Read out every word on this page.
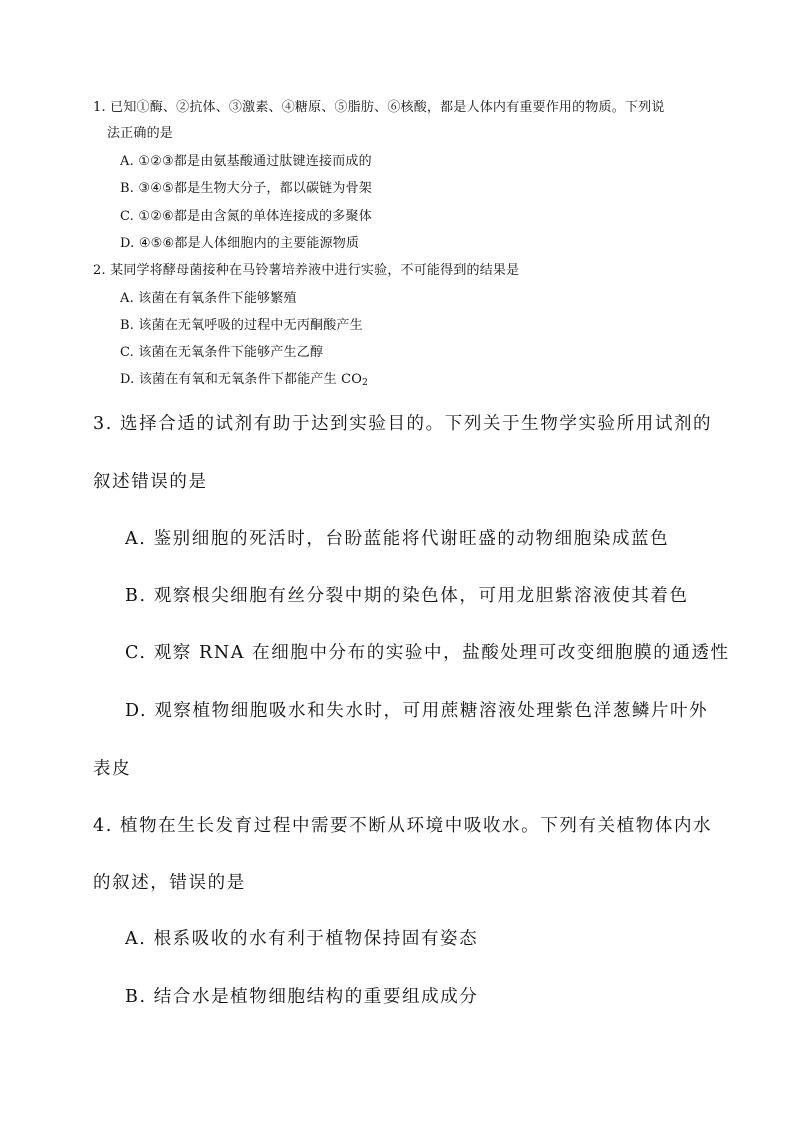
1. 已知①酶、②抗体、③激素、④糖原、⑤脂肪、⑥核酸，都是人体内有重要作用的物质。下列说
法正确的是
A. ①②③都是由氨基酸通过肽键连接而成的
B. ③④⑤都是生物大分子，都以碳链为骨架
C. ①②⑥都是由含氮的单体连接成的多聚体
D. ④⑤⑥都是人体细胞内的主要能源物质
2. 某同学将酵母菌接种在马铃薯培养液中进行实验，不可能得到的结果是
A. 该菌在有氧条件下能够繁殖
B. 该菌在无氧呼吸的过程中无丙酮酸产生
C. 该菌在无氧条件下能够产生乙醇
D. 该菌在有氧和无氧条件下都能产生 $CO_2$
3. 选择合适的试剂有助于达到实验目的。下列关于生物学实验所用试剂的
叙述错误的是
A. 鉴别细胞的死活时，台盼蓝能将代谢旺盛的动物细胞染成蓝色
B. 观察根尖细胞有丝分裂中期的染色体，可用龙胆紫溶液使其着色
C. 观察 RNA 在细胞中分布的实验中，盐酸处理可改变细胞膜的通透性
D. 观察植物细胞吸水和失水时，可用蔗糖溶液处理紫色洋葱鳞片叶外
表皮
4. 植物在生长发育过程中需要不断从环境中吸收水。下列有关植物体内水
的叙述，错误的是
A. 根系吸收的水有利于植物保持固有姿态
B. 结合水是植物细胞结构的重要组成成分
